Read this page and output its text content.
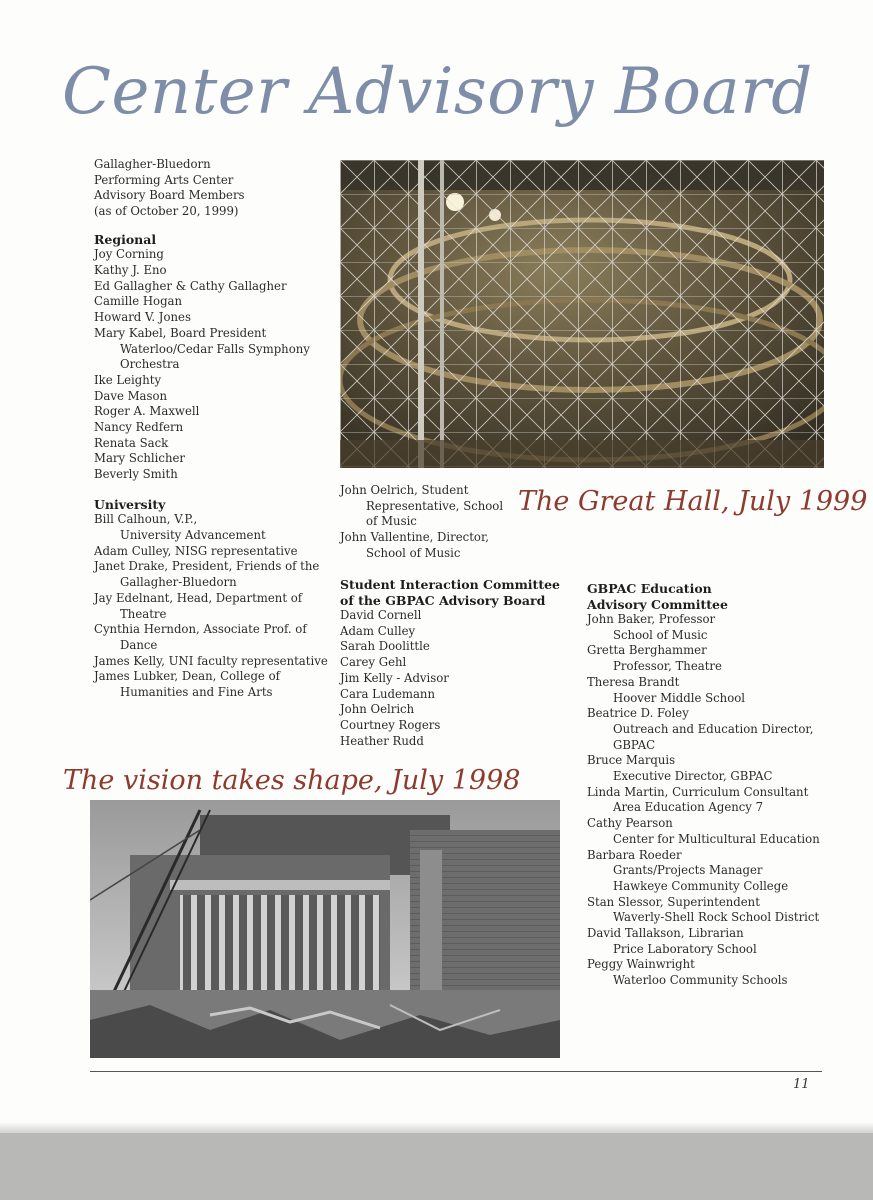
Center Advisory Board
Gallagher-Bluedorn
Performing Arts Center
Advisory Board Members
(as of October 20, 1999)
Regional
Joy Corning
Kathy J. Eno
Ed Gallagher & Cathy Gallagher
Camille Hogan
Howard V. Jones
Mary Kabel, Board President
Waterloo/Cedar Falls Symphony
Orchestra
Ike Leighty
Dave Mason
Roger A. Maxwell
Nancy Redfern
Renata Sack
Mary Schlicher
Beverly Smith
University
Bill Calhoun, V.P.,
University Advancement
Adam Culley, NISG representative
Janet Drake, President, Friends of the
Gallagher-Bluedorn
Jay Edelnant, Head, Department of
Theatre
Cynthia Herndon, Associate Prof. of
Dance
James Kelly, UNI faculty representative
James Lubker, Dean, College of
Humanities and Fine Arts
John Oelrich, Student
Representative, School
of Music
John Vallentine, Director,
School of Music
The Great Hall, July 1999
Student Interaction Committee
of the GBPAC Advisory Board
David Cornell
Adam Culley
Sarah Doolittle
Carey Gehl
Jim Kelly - Advisor
Cara Ludemann
John Oelrich
Courtney Rogers
Heather Rudd
GBPAC Education
Advisory Committee
John Baker, Professor
School of Music
Gretta Berghammer
Professor, Theatre
Theresa Brandt
Hoover Middle School
Beatrice D. Foley
Outreach and Education Director,
GBPAC
Bruce Marquis
Executive Director, GBPAC
Linda Martin, Curriculum Consultant
Area Education Agency 7
Cathy Pearson
Center for Multicultural Education
Barbara Roeder
Grants/Projects Manager
Hawkeye Community College
Stan Slessor, Superintendent
Waverly-Shell Rock School District
David Tallakson, Librarian
Price Laboratory School
Peggy Wainwright
Waterloo Community Schools
The vision takes shape, July 1998
11
